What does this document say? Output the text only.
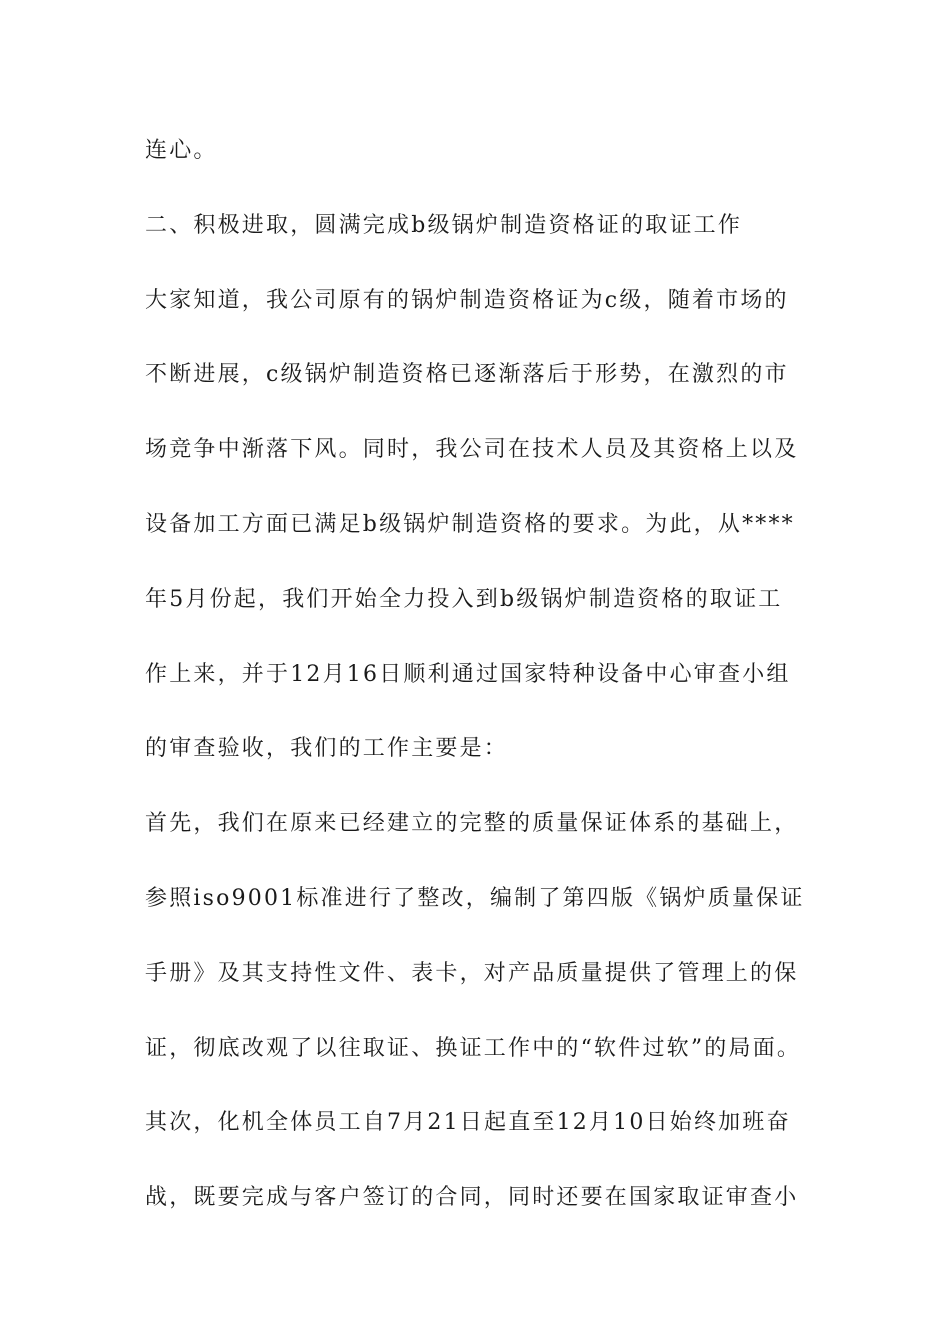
连心。
二、积极进取，圆满完成b级锅炉制造资格证的取证工作
大家知道，我公司原有的锅炉制造资格证为c级，随着市场的
不断进展，c级锅炉制造资格已逐渐落后于形势，在激烈的市
场竞争中渐落下风。同时，我公司在技术人员及其资格上以及
设备加工方面已满足b级锅炉制造资格的要求。为此，从****
年5月份起，我们开始全力投入到b级锅炉制造资格的取证工
作上来，并于12月16日顺利通过国家特种设备中心审查小组
的审查验收，我们的工作主要是：
首先，我们在原来已经建立的完整的质量保证体系的基础上，
参照iso9001标准进行了整改，编制了第四版《锅炉质量保证
手册》及其支持性文件、表卡，对产品质量提供了管理上的保
证，彻底改观了以往取证、换证工作中的“软件过软”的局面。
其次，化机全体员工自7月21日起直至12月10日始终加班奋
战，既要完成与客户签订的合同，同时还要在国家取证审查小
